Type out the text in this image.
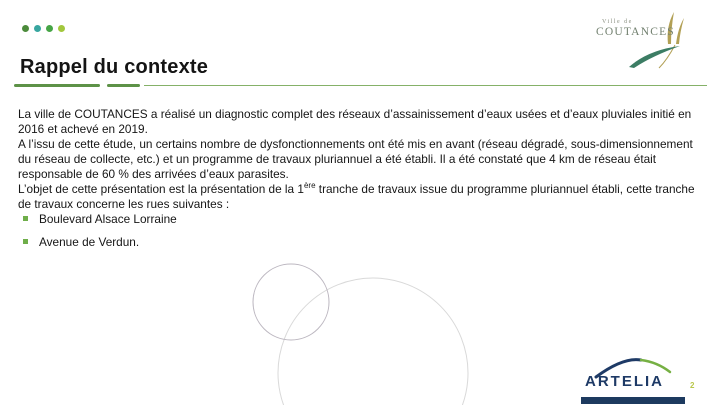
Rappel du contexte

La ville de COUTANCES a réalisé un diagnostic complet des réseaux d’assainissement d’eaux usées et d’eaux pluviales initié en 2016 et achevé en 2019.

A l’issu de cette étude, un certains nombre de dysfonctionnements ont été mis en avant (réseau dégradé, sous-dimensionnement du réseau de collecte, etc.) et un programme de travaux pluriannuel a été établi. Il a été constaté que 4 km de réseau était responsable de 60 % des arrivées d’eaux parasites.

L’objet de cette présentation est la présentation de la 1ère tranche de travaux issue du programme pluriannuel établi, cette tranche de travaux concerne les rues suivantes :

Boulevard Alsace Lorraine
Avenue de Verdun.
Ville de
COUTANCES
ARTELIA	2
